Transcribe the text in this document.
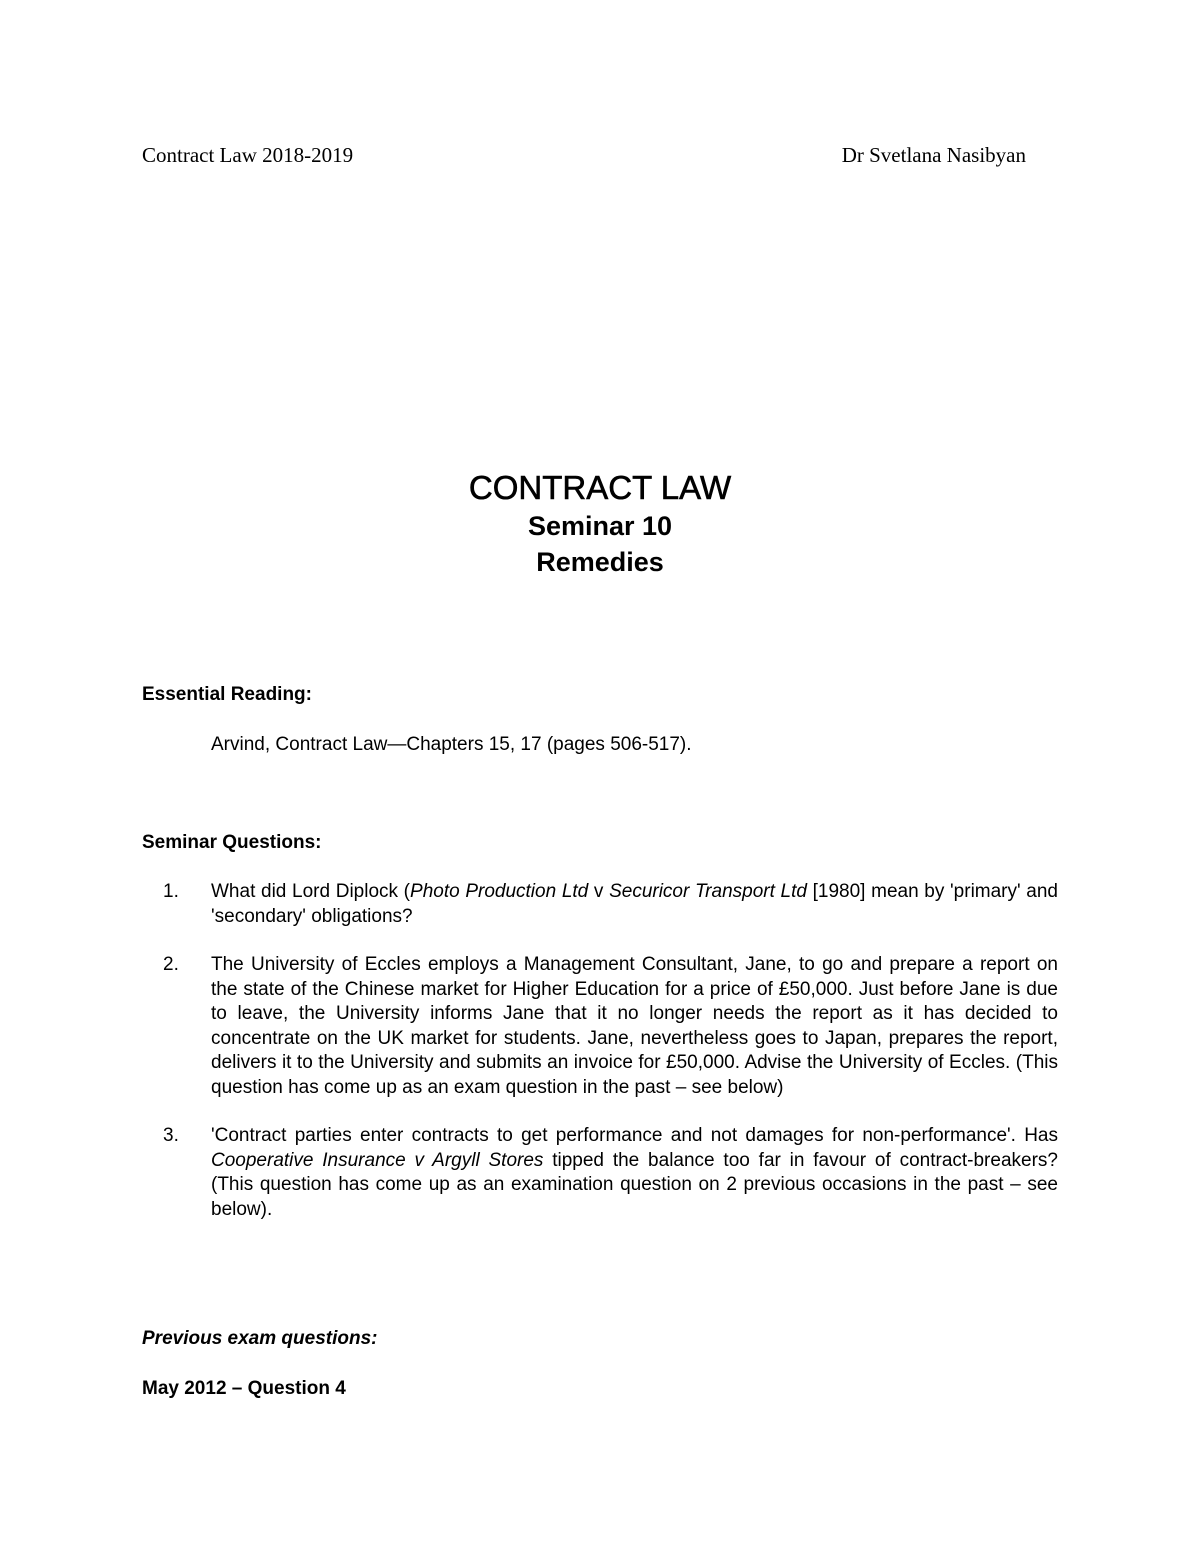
Contract Law 2018-2019	Dr Svetlana Nasibyan
CONTRACT LAW
Seminar 10
Remedies
Essential Reading:
Arvind, Contract Law—Chapters 15, 17 (pages 506-517).
Seminar Questions:
1.	What did Lord Diplock (Photo Production Ltd v Securicor Transport Ltd [1980] mean by 'primary' and 'secondary' obligations?
2.	The University of Eccles employs a Management Consultant, Jane, to go and prepare a report on the state of the Chinese market for Higher Education for a price of £50,000. Just before Jane is due to leave, the University informs Jane that it no longer needs the report as it has decided to concentrate on the UK market for students. Jane, nevertheless goes to Japan, prepares the report, delivers it to the University and submits an invoice for £50,000. Advise the University of Eccles. (This question has come up as an exam question in the past – see below)
3.	'Contract parties enter contracts to get performance and not damages for non-performance'. Has Cooperative Insurance v Argyll Stores tipped the balance too far in favour of contract-breakers? (This question has come up as an examination question on 2 previous occasions in the past – see below).
Previous exam questions:
May 2012 – Question 4
